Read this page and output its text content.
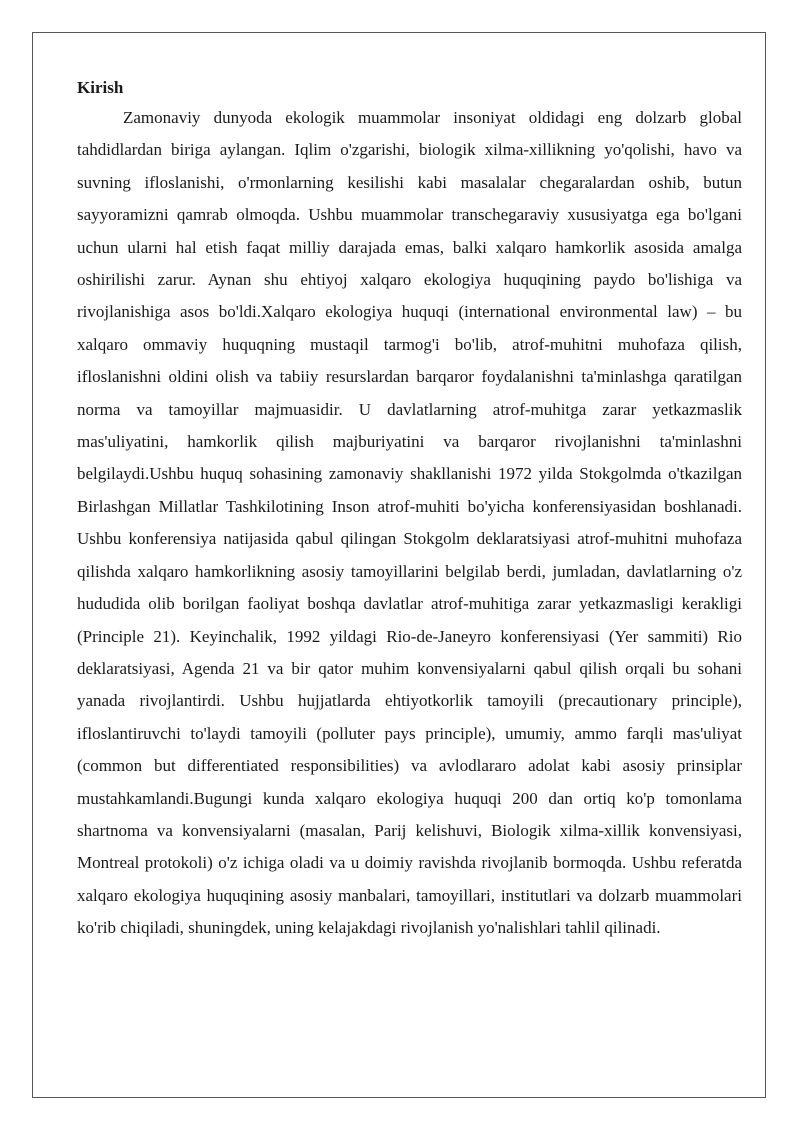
Kirish

Zamonaviy dunyoda ekologik muammolar insoniyat oldidagi eng dolzarb global tahdidlardan biriga aylangan. Iqlim o'zgarishi, biologik xilma-xillikning yo'qolishi, havo va suvning ifloslanishi, o'rmonlarning kesilishi kabi masalalar chegaralardan oshib, butun sayyoramizni qamrab olmoqda. Ushbu muammolar transchegaraviy xususiyatga ega bo'lgani uchun ularni hal etish faqat milliy darajada emas, balki xalqaro hamkorlik asosida amalga oshirilishi zarur. Aynan shu ehtiyoj xalqaro ekologiya huquqining paydo bo'lishiga va rivojlanishiga asos bo'ldi.Xalqaro ekologiya huquqi (international environmental law) – bu xalqaro ommaviy huquqning mustaqil tarmog'i bo'lib, atrof-muhitni muhofaza qilish, ifloslanishni oldini olish va tabiiy resurslardan barqaror foydalanishni ta'minlashga qaratilgan norma va tamoyillar majmuasidir. U davlatlarning atrof-muhitga zarar yetkazmaslik mas'uliyatini, hamkorlik qilish majburiyatini va barqaror rivojlanishni ta'minlashni belgilaydi.Ushbu huquq sohasining zamonaviy shakllanishi 1972 yilda Stokgolmda o'tkazilgan Birlashgan Millatlar Tashkilotining Inson atrof-muhiti bo'yicha konferensiyasidan boshlanadi. Ushbu konferensiya natijasida qabul qilingan Stokgolm deklaratsiyasi atrof-muhitni muhofaza qilishda xalqaro hamkorlikning asosiy tamoyillarini belgilab berdi, jumladan, davlatlarning o'z hududida olib borilgan faoliyat boshqa davlatlar atrof-muhitiga zarar yetkazmasligi kerakligi (Principle 21). Keyinchalik, 1992 yildagi Rio-de-Janeyro konferensiyasi (Yer sammiti) Rio deklaratsiyasi, Agenda 21 va bir qator muhim konvensiyalarni qabul qilish orqali bu sohani yanada rivojlantirdi. Ushbu hujjatlarda ehtiyotkorlik tamoyili (precautionary principle), ifloslantiruvchi to'laydi tamoyili (polluter pays principle), umumiy, ammo farqli mas'uliyat (common but differentiated responsibilities) va avlodlararo adolat kabi asosiy prinsiplar mustahkamlandi.Bugungi kunda xalqaro ekologiya huquqi 200 dan ortiq ko'p tomonlama shartnoma va konvensiyalarni (masalan, Parij kelishuvi, Biologik xilma-xillik konvensiyasi, Montreal protokoli) o'z ichiga oladi va u doimiy ravishda rivojlanib bormoqda. Ushbu referatda xalqaro ekologiya huquqining asosiy manbalari, tamoyillari, institutlari va dolzarb muammolari ko'rib chiqiladi, shuningdek, uning kelajakdagi rivojlanish yo'nalishlari tahlil qilinadi.
